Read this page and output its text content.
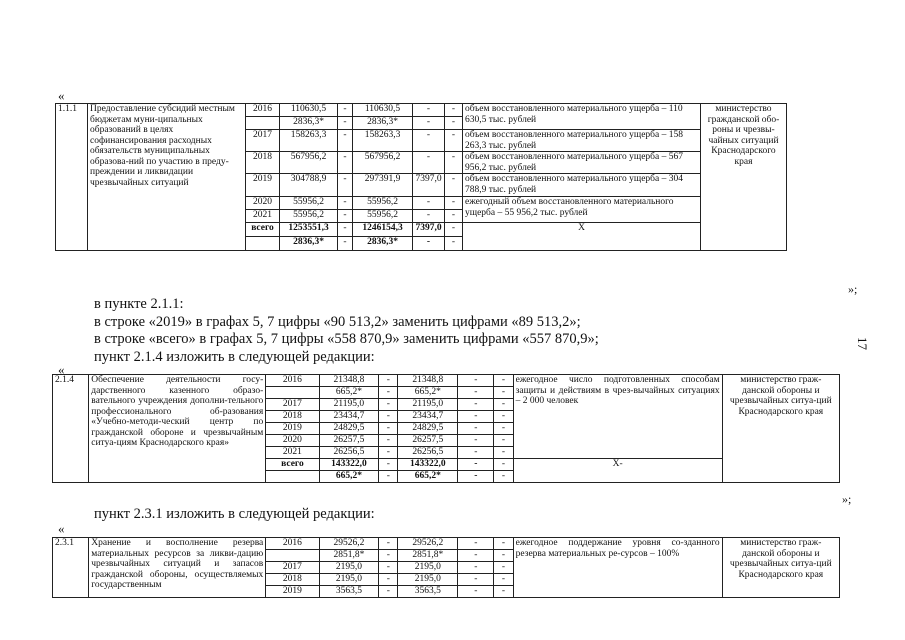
«
1.1.1	Предоставление субсидий местным бюджетам муни-ципальных образований в целях софинансирования расходных обязательств муниципальных образова-ний по участию в преду-преждении и ликвидации чрезвычайных ситуаций	2016	110630,5	-	110630,5	-	-	объем восстановленного материального ущерба – 110 630,5 тыс. рублей	министерство гражданской обо-роны и чрезвы-чайных ситуаций Краснодарского края
			2836,3*	-	2836,3*	-	-		
		2017	158263,3	-	158263,3	-	-	объем восстановленного материального ущерба – 158 263,3 тыс. рублей	
		2018	567956,2	-	567956,2	-	-	объем восстановленного материального ущерба – 567 956,2 тыс. рублей	
		2019	304788,9	-	297391,9	7397,0	-	объем восстановленного материального ущерба – 304 788,9 тыс. рублей	
		2020	55956,2	-	55956,2	-	-	ежегодный объем восстановленного материального ущерба – 55 956,2 тыс. рублей	
		2021	55956,2	-	55956,2	-	-		
		всего	1253551,3	-	1246154,3	7397,0	-	Х	
			2836,3*	-	2836,3*	-	-		
»;
в пункте 2.1.1:
в строке «2019» в графах 5, 7 цифры «90 513,2» заменить цифрами «89 513,2»;
в строке «всего» в графах 5, 7 цифры «558 870,9» заменить цифрами «557 870,9»;
пункт 2.1.4 изложить в следующей редакции:
17
«
2.1.4	Обеспечение деятельности госу-дарственного казенного образо-вательного учреждения дополни-тельного профессионального об-разования «Учебно-методи-ческий центр по гражданской обороне и чрезвычайным ситуа-циям Краснодарского края»	2016	21348,8	-	21348,8	-	-	ежегодное число подготовленных способам защиты и действиям в чрез-вычайных ситуациях – 2 000 человек	министерство граж-данской обороны и чрезвычайных ситуа-ций Краснодарского края
			665,2*	-	665,2*	-	-		
		2017	21195,0	-	21195,0	-	-		
		2018	23434,7	-	23434,7	-	-		
		2019	24829,5	-	24829,5	-	-		
		2020	26257,5	-	26257,5	-	-		
		2021	26256,5	-	26256,5	-	-		
		всего	143322,0	-	143322,0	-	-	Х-	
			665,2*	-	665,2*	-	-		
»;
пункт 2.3.1 изложить в следующей редакции:
«
2.3.1	Хранение и восполнение резерва материальных ресурсов за ликви-дацию чрезвычайных ситуаций и запасов гражданской обороны, осуществляемых государственным	2016	29526,2	-	29526,2	-	-	ежегодное поддержание уровня со-зданного резерва материальных ре-сурсов – 100%	министерство граж-данской обороны и чрезвычайных ситуа-ций Краснодарского края
			2851,8*	-	2851,8*	-	-		
		2017	2195,0	-	2195,0	-	-		
		2018	2195,0	-	2195,0	-	-		
		2019	3563,5	-	3563,5	-	-		
